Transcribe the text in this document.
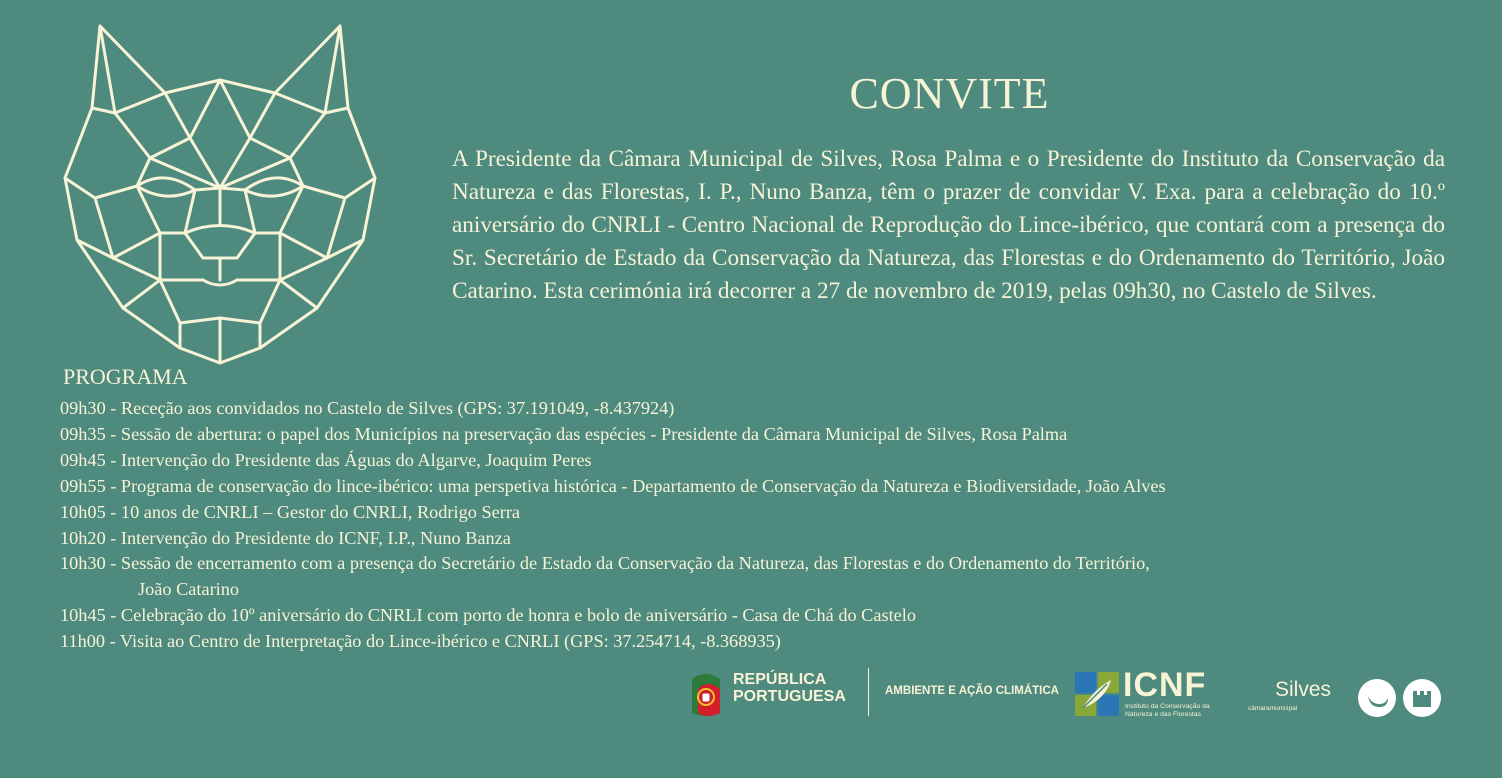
CONVITE
A Presidente da Câmara Municipal de Silves, Rosa Palma e o Presidente do Instituto da Conservação da Natureza e das Florestas, I. P., Nuno Banza, têm o prazer de convidar V. Exa. para a celebração do 10.º aniversário do CNRLI - Centro Nacional de Reprodução do Lince-ibérico, que contará com a presença do Sr. Secretário de Estado da Conservação da Natureza, das Florestas e do Ordenamento do Território, João Catarino. Esta cerimónia irá decorrer a 27 de novembro de 2019, pelas 09h30, no Castelo de Silves.
PROGRAMA
09h30 - Receção aos convidados no Castelo de Silves (GPS: 37.191049, -8.437924)
09h35 - Sessão de abertura: o papel dos Municípios na preservação das espécies - Presidente da Câmara Municipal de Silves, Rosa Palma
09h45 - Intervenção do Presidente das Águas do Algarve, Joaquim Peres
09h55 - Programa de conservação do lince-ibérico: uma perspetiva histórica - Departamento de Conservação da Natureza e Biodiversidade, João Alves
10h05 - 10 anos de CNRLI – Gestor do CNRLI, Rodrigo Serra
10h20 - Intervenção do Presidente do ICNF, I.P., Nuno Banza
10h30 - Sessão de encerramento com a presença do Secretário de Estado da Conservação da Natureza, das Florestas e do Ordenamento do Território,
João Catarino
10h45 - Celebração do 10º aniversário do CNRLI com porto de honra e bolo de aniversário - Casa de Chá do Castelo
11h00 - Visita ao Centro de Interpretação do Lince-ibérico e CNRLI (GPS: 37.254714, -8.368935)
REPÚBLICA
PORTUGUESA	AMBIENTE E AÇÃO CLIMÁTICA ICNF
Instituto da Conservação da Natureza e das Florestas
Silves
câmaramunicipal
